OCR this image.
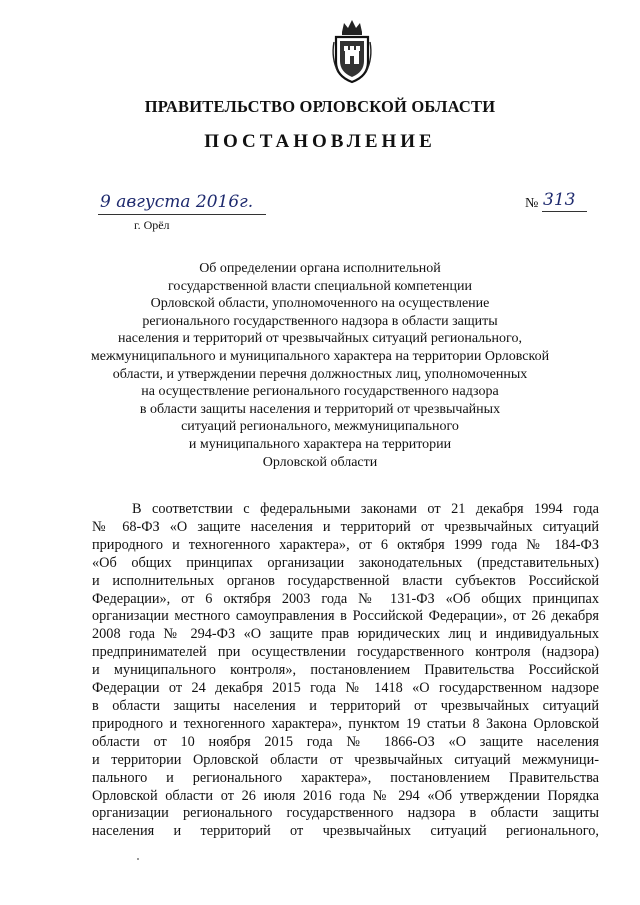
ПРАВИТЕЛЬСТВО ОРЛОВСКОЙ ОБЛАСТИ
ПОСТАНОВЛЕНИЕ
9 августа 2016г.
г. Орёл
№ 313
Об определении органа исполнительной
государственной власти специальной компетенции
Орловской области, уполномоченного на осуществление
регионального государственного надзора в области защиты
населения и территорий от чрезвычайных ситуаций регионального,
межмуниципального и муниципального характера на территории Орловской
области, и утверждении перечня должностных лиц, уполномоченных
на осуществление регионального государственного надзора
в области защиты населения и территорий от чрезвычайных
ситуаций регионального, межмуниципального
и муниципального характера на территории
Орловской области
В соответствии с федеральными законами от 21 декабря 1994 года
№ 68-ФЗ «О защите населения и территорий от чрезвычайных ситуаций
природного и техногенного характера», от 6 октября 1999 года № 184-ФЗ
«Об общих принципах организации законодательных (представительных)
и исполнительных органов государственной власти субъектов Российской
Федерации», от 6 октября 2003 года № 131-ФЗ «Об общих принципах
организации местного самоуправления в Российской Федерации», от 26 декабря
2008 года № 294-ФЗ «О защите прав юридических лиц и индивидуальных
предпринимателей при осуществлении государственного контроля (надзора)
и муниципального контроля», постановлением Правительства Российской
Федерации от 24 декабря 2015 года № 1418 «О государственном надзоре
в области защиты населения и территорий от чрезвычайных ситуаций
природного и техногенного характера», пунктом 19 статьи 8 Закона Орловской
области от 10 ноября 2015 года № 1866-ОЗ «О защите населения
и территории Орловской области от чрезвычайных ситуаций межмуници-
пального и регионального характера», постановлением Правительства
Орловской области от 26 июля 2016 года № 294 «Об утверждении Порядка
организации регионального государственного надзора в области защиты
населения и территорий от чрезвычайных ситуаций регионального,
